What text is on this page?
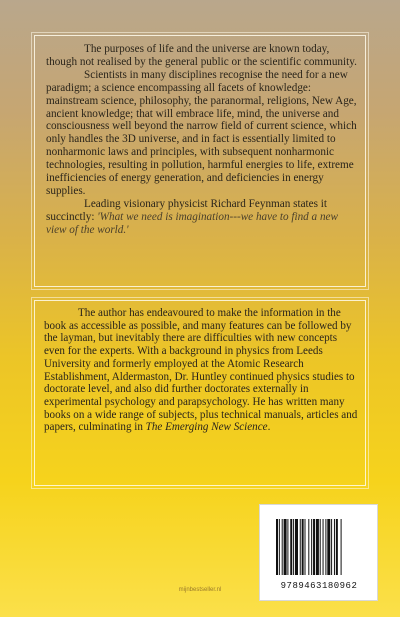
The purposes of life and the universe are known today, though not realised by the general public or the scientific community.

Scientists in many disciplines recognise the need for a new paradigm; a science encompassing all facets of knowledge: mainstream science, philosophy, the paranormal, religions, New Age, ancient knowledge; that will embrace life, mind, the universe and consciousness well beyond the narrow field of current science, which only handles the 3D universe, and in fact is essentially limited to nonharmonic laws and principles, with subsequent nonharmonic technologies, resulting in pollution, harmful energies to life, extreme inefficiencies of energy generation, and deficiencies in energy supplies.

Leading visionary physicist Richard Feynman states it succinctly: 'What we need is imagination---we have to find a new view of the world.'

The author has endeavoured to make the information in the book as accessible as possible, and many features can be followed by the layman, but inevitably there are difficulties with new concepts even for the experts. With a background in physics from Leeds University and formerly employed at the Atomic Research Establishment, Aldermaston, Dr. Huntley continued physics studies to doctorate level, and also did further doctorates externally in experimental psychology and parapsychology. He has written many books on a wide range of subjects, plus technical manuals, articles and papers, culminating in The Emerging New Science.

9789463180962
mijnbestseller.nl
